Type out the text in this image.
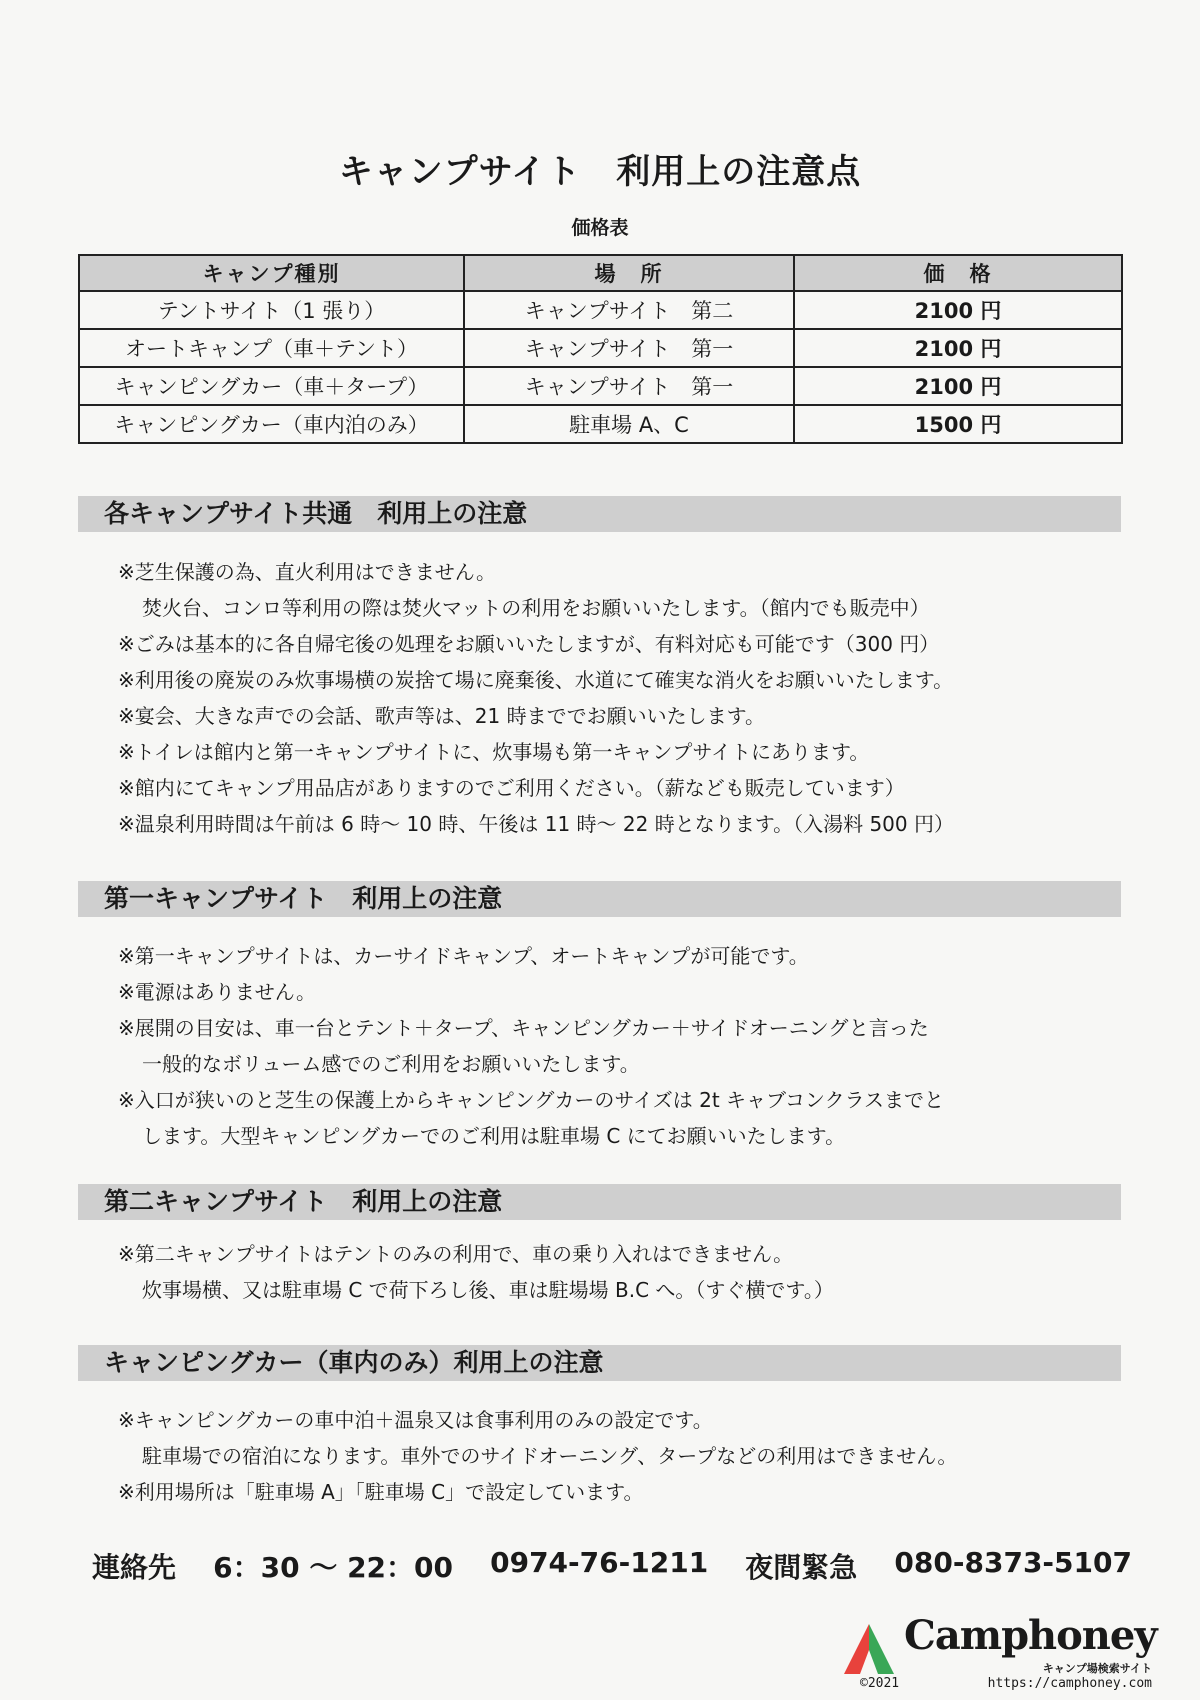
キャンプサイト　利用上の注意点
価格表
キャンプ種別	場　所	価　格
テントサイト（1 張り）	キャンプサイト　第二	2100 円
オートキャンプ（車＋テント）	キャンプサイト　第一	2100 円
キャンピングカー（車＋タープ）	キャンプサイト　第一	2100 円
キャンピングカー（車内泊のみ）	駐車場 A、C	1500 円
各キャンプサイト共通　利用上の注意
※芝生保護の為、直火利用はできません。
焚火台、コンロ等利用の際は焚火マットの利用をお願いいたします。（館内でも販売中）
※ごみは基本的に各自帰宅後の処理をお願いいたしますが、有料対応も可能です（300 円）
※利用後の廃炭のみ炊事場横の炭捨て場に廃棄後、水道にて確実な消火をお願いいたします。
※宴会、大きな声での会話、歌声等は、21 時まででお願いいたします。
※トイレは館内と第一キャンプサイトに、炊事場も第一キャンプサイトにあります。
※館内にてキャンプ用品店がありますのでご利用ください。（薪なども販売しています）
※温泉利用時間は午前は 6 時～ 10 時、午後は 11 時～ 22 時となります。（入湯料 500 円）
第一キャンプサイト　利用上の注意
※第一キャンプサイトは、カーサイドキャンプ、オートキャンプが可能です。
※電源はありません。
※展開の目安は、車一台とテント＋タープ、キャンピングカー＋サイドオーニングと言った
一般的なボリューム感でのご利用をお願いいたします。
※入口が狭いのと芝生の保護上からキャンピングカーのサイズは 2t キャブコンクラスまでと
します。大型キャンピングカーでのご利用は駐車場 C にてお願いいたします。
第二キャンプサイト　利用上の注意
※第二キャンプサイトはテントのみの利用で、車の乗り入れはできません。
炊事場横、又は駐車場 C で荷下ろし後、車は駐場場 B.C へ。（すぐ横です。）
キャンピングカー（車内のみ）利用上の注意
※キャンピングカーの車中泊＋温泉又は食事利用のみの設定です。
駐車場での宿泊になります。車外でのサイドオーニング、タープなどの利用はできません。
※利用場所は「駐車場 A」「駐車場 C」で設定しています。
連絡先 6：30 ～ 22：00 0974-76-1211 夜間緊急 080-8373-5107
Camphoney
キャンプ場検索サイト
©2021	https://camphoney.com
